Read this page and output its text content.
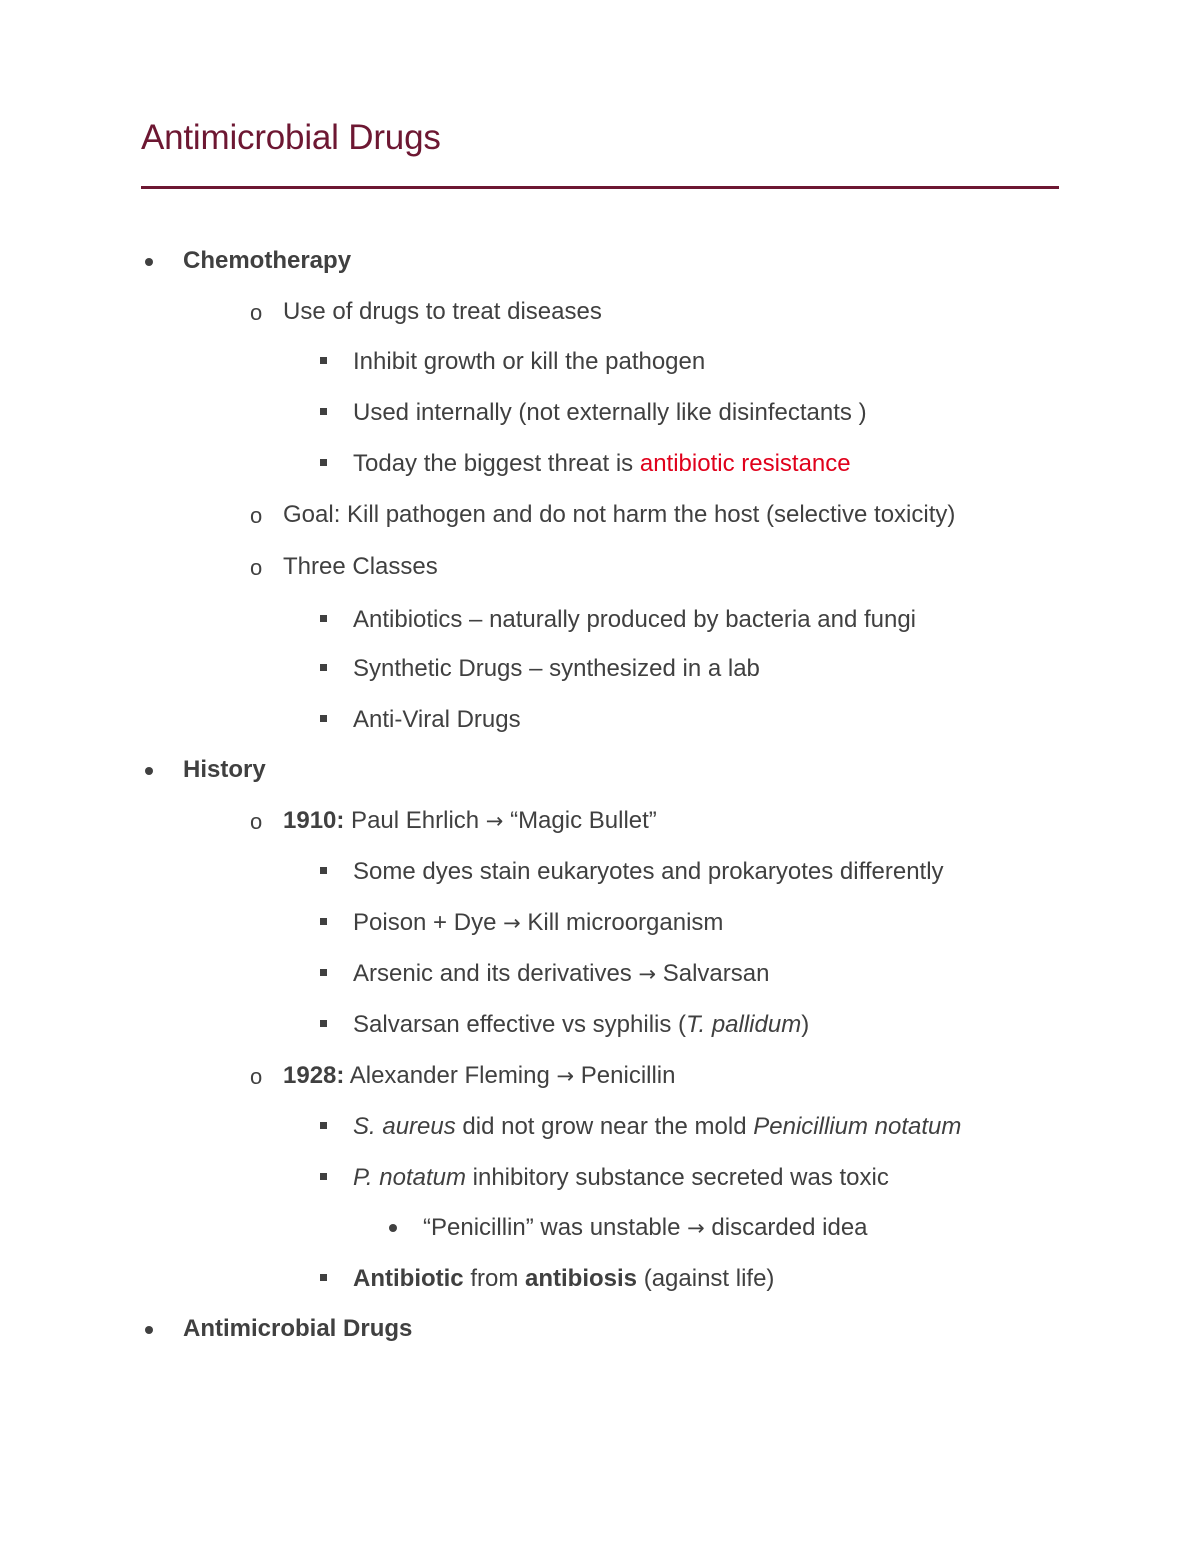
Antimicrobial Drugs
Chemotherapy
o Use of drugs to treat diseases
Inhibit growth or kill the pathogen
Used internally (not externally like disinfectants )
Today the biggest threat is antibiotic resistance
o Goal: Kill pathogen and do not harm the host (selective toxicity)
o Three Classes
Antibiotics – naturally produced by bacteria and fungi
Synthetic Drugs – synthesized in a lab
Anti-Viral Drugs
History
o 1910: Paul Ehrlich → “Magic Bullet”
Some dyes stain eukaryotes and prokaryotes differently
Poison + Dye → Kill microorganism
Arsenic and its derivatives → Salvarsan
Salvarsan effective vs syphilis (T. pallidum)
o 1928: Alexander Fleming → Penicillin
S. aureus did not grow near the mold Penicillium notatum
P. notatum inhibitory substance secreted was toxic
“Penicillin” was unstable → discarded idea
Antibiotic from antibiosis (against life)
Antimicrobial Drugs
